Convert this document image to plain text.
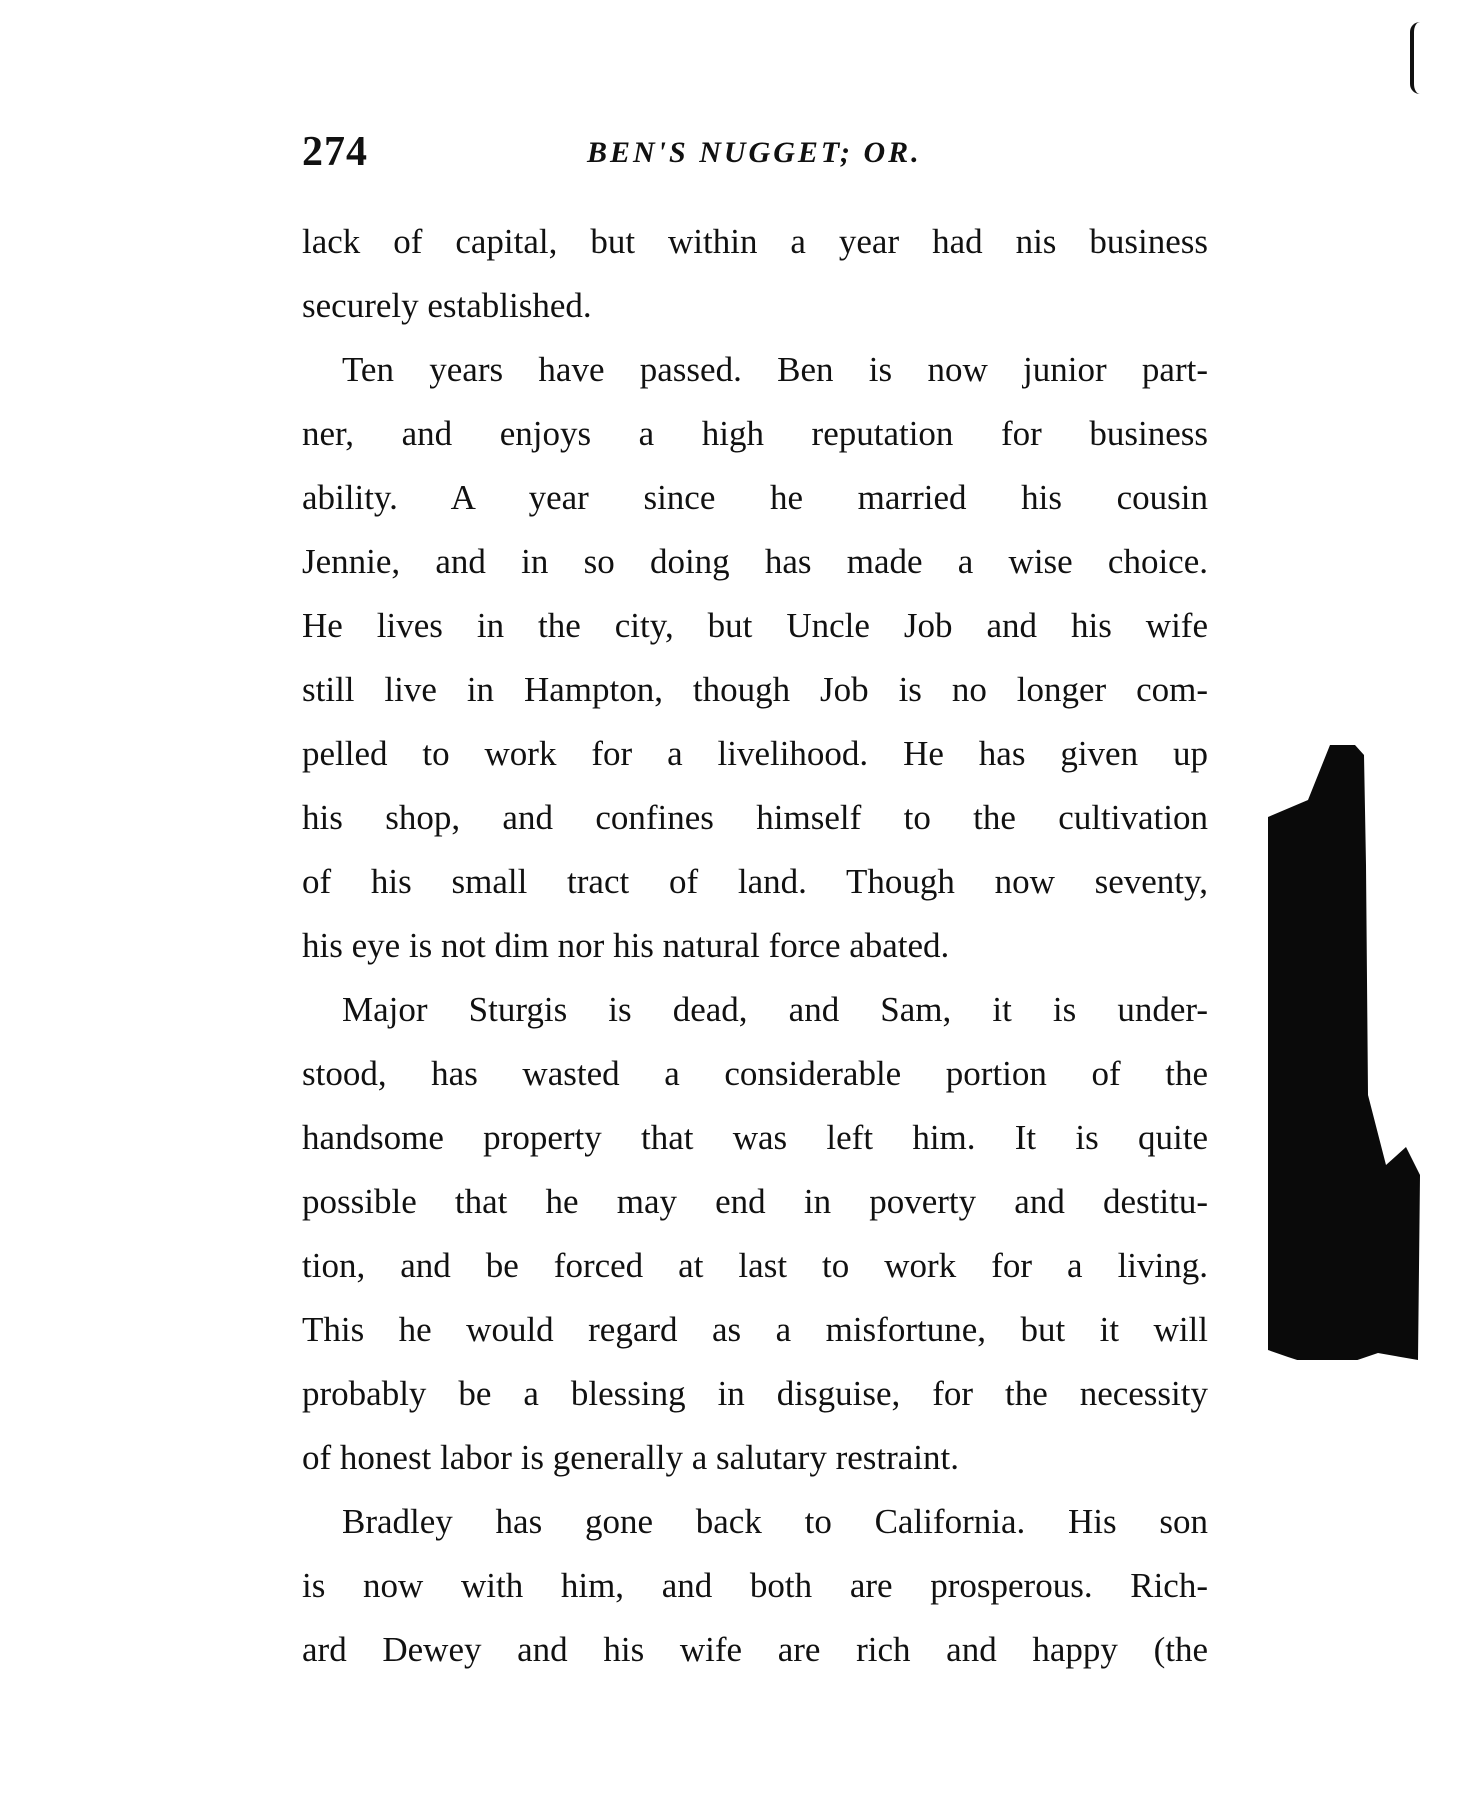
274	BEN'S NUGGET; OR.
lack of capital, but within a year had nis business
securely established.
Ten years have passed. Ben is now junior part-
ner, and enjoys a high reputation for business
ability. A year since he married his cousin
Jennie, and in so doing has made a wise choice.
He lives in the city, but Uncle Job and his wife
still live in Hampton, though Job is no longer com-
pelled to work for a livelihood. He has given up
his shop, and confines himself to the cultivation
of his small tract of land. Though now seventy,
his eye is not dim nor his natural force abated.
Major Sturgis is dead, and Sam, it is under-
stood, has wasted a considerable portion of the
handsome property that was left him. It is quite
possible that he may end in poverty and destitu-
tion, and be forced at last to work for a living.
This he would regard as a misfortune, but it will
probably be a blessing in disguise, for the necessity
of honest labor is generally a salutary restraint.
Bradley has gone back to California. His son
is now with him, and both are prosperous. Rich-
ard Dewey and his wife are rich and happy (the
